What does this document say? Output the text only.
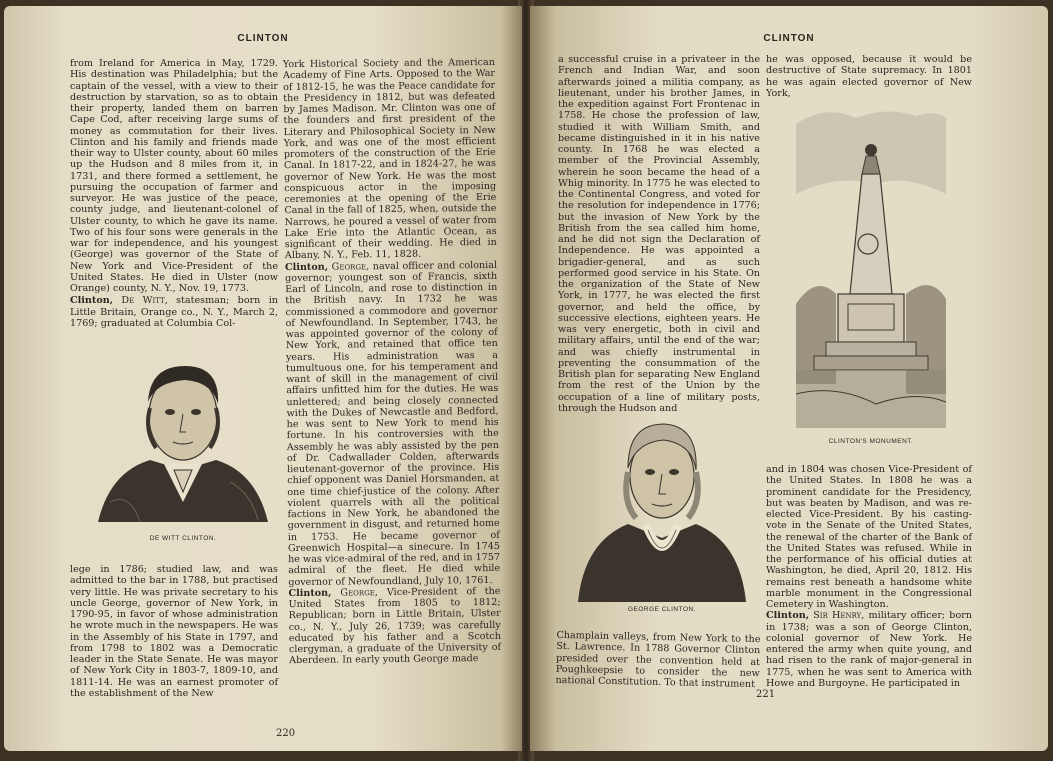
CLINTON

from Ireland for America in May, 1729. His destination was Philadelphia; but the captain of the vessel, with a view to their destruction by starvation, so as to obtain their property, landed them on barren Cape Cod, after receiving large sums of money as commutation for their lives. Clinton and his family and friends made their way to Ulster county, about 60 miles up the Hudson and 8 miles from it, in 1731, and there formed a settlement, he pursuing the occupation of farmer and surveyor. He was justice of the peace, county judge, and lieutenant-colonel of Ulster county, to which he gave its name. Two of his four sons were generals in the war for independence, and his youngest (George) was governor of the State of New York and Vice-President of the United States. He died in Ulster (now Orange) county, N. Y., Nov. 19, 1773.

Clinton, De Witt, statesman; born in Little Britain, Orange co., N. Y., March 2, 1769; graduated at Columbia Col-

DE WITT CLINTON.

lege in 1786; studied law, and was admitted to the bar in 1788, but practised very little. He was private secretary to his uncle George, governor of New York, in 1790-95, in favor of whose administration he wrote much in the newspapers. He was in the Assembly of his State in 1797, and from 1798 to 1802 was a Democratic leader in the State Senate. He was mayor of New York City in 1803-7, 1809-10, and 1811-14. He was an earnest promoter of the establishment of the New

York Historical Society and the American Academy of Fine Arts. Opposed to the War of 1812-15, he was the Peace candidate for the Presidency in 1812, but was defeated by James Madison. Mr. Clinton was one of the founders and first president of the Literary and Philosophical Society in New York, and was one of the most efficient promoters of the construction of the Erie Canal. In 1817-22, and in 1824-27, he was governor of New York. He was the most conspicuous actor in the imposing ceremonies at the opening of the Erie Canal in the fall of 1825, when, outside the Narrows, he poured a vessel of water from Lake Erie into the Atlantic Ocean, as significant of their wedding. He died in Albany, N. Y., Feb. 11, 1828.

Clinton, George, naval officer and colonial governor; youngest son of Francis, sixth Earl of Lincoln, and rose to distinction in the British navy. In 1732 he was commissioned a commodore and governor of Newfoundland. In September, 1743, he was appointed governor of the colony of New York, and retained that office ten years. His administration was a tumultuous one, for his temperament and want of skill in the management of civil affairs unfitted him for the duties. He was unlettered; and being closely connected with the Dukes of Newcastle and Bedford, he was sent to New York to mend his fortune. In his controversies with the Assembly he was ably assisted by the pen of Dr. Cadwallader Colden, afterwards lieutenant-governor of the province. His chief opponent was Daniel Horsmanden, at one time chief-justice of the colony. After violent quarrels with all the political factions in New York, he abandoned the government in disgust, and returned home in 1753. He became governor of Greenwich Hospital—a sinecure. In 1745 he was vice-admiral of the red, and in 1757 admiral of the fleet. He died while governor of Newfoundland, July 10, 1761.

Clinton, George, Vice-President of the United States from 1805 to 1812; Republican; born in Little Britain, Ulster co., N. Y., July 26, 1739; was carefully educated by his father and a Scotch clergyman, a graduate of the University of Aberdeen. In early youth George made

220
CLINTON

a successful cruise in a privateer in the French and Indian War, and soon afterwards joined a militia company, as lieutenant, under his brother James, in the expedition against Fort Frontenac in 1758. He chose the profession of law, studied it with William Smith, and became distinguished in it in his native county. In 1768 he was elected a member of the Provincial Assembly, wherein he soon became the head of a Whig minority. In 1775 he was elected to the Continental Congress, and voted for the resolution for independence in 1776; but the invasion of New York by the British from the sea called him home, and he did not sign the Declaration of Independence. He was appointed a brigadier-general, and as such performed good service in his State. On the organization of the State of New York, in 1777, he was elected the first governor, and held the office, by successive elections, eighteen years. He was very energetic, both in civil and military affairs, until the end of the war; and was chiefly instrumental in preventing the consummation of the British plan for separating New England from the rest of the Union by the occupation of a line of military posts, through the Hudson and

he was opposed, because it would be destructive of State supremacy. In 1801 he was again elected governor of New York,

CLINTON'S MONUMENT.
GEORGE CLINTON.

Champlain valleys, from New York to the St. Lawrence. In 1788 Governor Clinton presided over the convention held at Poughkeepsie to consider the new national Constitution. To that instrument

and in 1804 was chosen Vice-President of the United States. In 1808 he was a prominent candidate for the Presidency, but was beaten by Madison, and was re-elected Vice-President. By his casting-vote in the Senate of the United States, the renewal of the charter of the Bank of the United States was refused. While in the performance of his official duties at Washington, he died, April 20, 1812. His remains rest beneath a handsome white marble monument in the Congressional Cemetery in Washington.

Clinton, Sir Henry, military officer; born in 1738; was a son of George Clinton, colonial governor of New York. He entered the army when quite young, and had risen to the rank of major-general in 1775, when he was sent to America with Howe and Burgoyne. He participated in

221
